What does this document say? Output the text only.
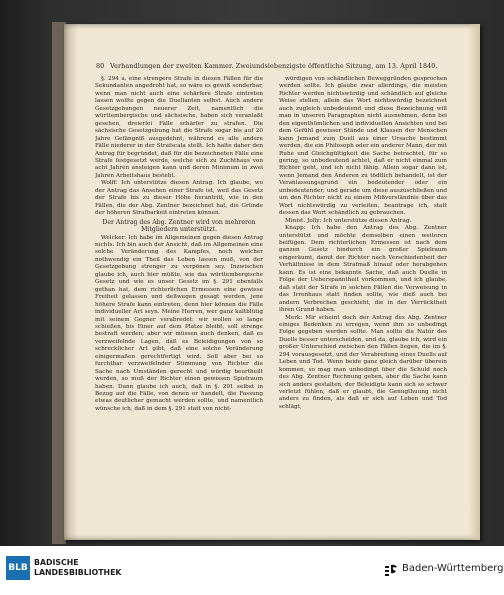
80 Verhandlungen der zweiten Kammer. Zweiundsiebenzigste öffentliche Sitzung, am 13. April 1840.

§. 294 a. eine strengere Strafe in diesen Fällen für die Sekundanten angedroht hat, so wäre es gewiß sonderbar, wenn man nicht auch eine schärfere Strafe eintreten lassen wollte gegen die Duellanten selbst. Auch andere Gesetzgebungen neuerer Zeit, namentlich die württembergische und sächsische, haben sich veranlaßt gesehen, dreierlei Fälle schärfer zu strafen. Die sächsische Gesetzgebung hat die Strafe sogar bis auf 20 Jahre Gefängniß ausgedehnt, während es alle andere Fälle niederer in der Strafscala stellt. Ich halte daher den Antrag für begründet, daß für die bezeichneten Fälle eine Strafe festgesetzt werde, welche sich zu Zuchthaus von acht Jahren ansteigen kann und deren Minimum in zwei Jahren Arbeitshaus besteht.

Wolff: Ich unterstütze diesen Antrag. Ich glaube, wo der Antrag das Ansehen einer Strafe ist, weil das Gesetz der Strafe bis zu dieser Höhe herantritt, wie in den Fällen, die der Abg. Zentner bezeichnet hat, die Gründe der höheren Strafbarkeit eintreten können.

Der Antrag des Abg. Zentner wird von mehreren Mitgliedern unterstützt.

Welcker: Ich habe im Allgemeinen gegen diesen Antrag nichts. Ich bin auch der Ansicht, daß im Allgemeinen eine solche Veränderung des Kampfes, noch welcher nothwendig ein Theil das Leben lassen muß, von der Gesetzgebung strenger zu verpönen sey. Inzwischen glaube ich, auch hier müßte, wie das württembergische Gesetz und wie es unser Gesetz im §. 291 ebenfalls gethan hat, dem richterlichen Ermessen eine gewisse Freiheit gelassen und deßwegen gesagt werden, jene höhere Strafe kann eintreten, denn hier können die Fälle individueller Art seyn. Meine Herren, wer ganz kaltblütig mit seinem Gegner verabredet: wir wollen so lange schießen, bis Einer auf dem Platze bleibt, soll strenge bestraft werden; aber wir müssen auch denken, daß es verzweifelnde Lagen, daß es Beleidigungen von so schrecklicher Art gibt, daß eine solche Veränderung einigermaßen gerechtfertigt wird. Soll aber bei so furchtbar verzweifelnder Stimmung von Richter die Sache nach Umständen gerecht und würdig beurtheilt werden, so muß der Richter einen gewissen Spielraum haben. Dann glaube ich auch, daß in §. 291 selbst in Bezug auf die Fälle, von denen er handelt, die Fassung etwas deutlicher gemacht werden sollte, und namentlich wünsche ich, daß in dem §. 291 statt von nicht-

würdigen von schändlichen Beweggründen gesprochen werden sollte. Ich glaube zwar allerdings, die meisten Richter werden nichtswürdig und schändlich auf gleiche Weise stellen, allein das Wort nichtswürdig bezeichnet auch zugleich unbedeutend und diese Bezeichnung will man in unseren Paragraphen nicht ausnehmen, denn bei den eigenthümlichen und individuellen Ansichten und bei dem Gefühl gewisser Stände und Klassen der Menschen kann Jemand zum Duell aus einer Ursache bestimmt werden, die ein Philosoph oder ein anderer Mann, der mit Ruhe und Gleichgültigkeit die Sache betrachtet, für so gering, so unbedeutend achtet, daß er nicht einmal zum Richter geht, und ich nicht fähig. Allein sogar dann ist, wenn Jemand den Anderen zu tödtlich behandelt, ist der Veranlassungsgrund ein bedeutender oder ein unbedeutender; und gerade um diese auszuschließen und um den Richter nicht zu einem Mißverständnis über das Wort nichtswürdig zu verleiten, beantrage ich, statt dessen das Wort schändlich zu gebrauchen.

Minist. Jolly: Ich unterstütze diesen Antrag.

Knapp: Ich habe den Antrag des Abg. Zentner unterstützt und möchte demselben einen weiteren beifügen. Dem richterlichen Ermessen ist nach dem ganzen Gesetz hindurch ein großer Spielraum eingeräumt, damit der Richter nach Verschiedenheit der Verhältnisse in dem Strafmaß hinauf oder herabgehen kann. Es ist eine bekannte Sache, daß auch Duelle in Folge der Ueberspanntheit vorkommen, und ich glaube, daß statt der Strafe in solchen Fällen die Verweisung in das Irrenhaus statt finden sollte, wie dieß auch bei andern Verbrechen geschieht, die in der Verrücktheit ihren Grund haben.

Merk: Mir scheint doch der Antrag des Abg. Zentner einiges Bedenken zu erregen, wenn ihm so unbedingt Folge gegeben werden sollte. Man sollte die Natur des Duells besser unterscheiden, und da, glaube ich, wird ein großer Unterschied zwischen den Fällen liegen, die im §. 294 vorausgesetzt, und der Verabredung eines Duells auf Leben und Tod. Wenn beide ganz gleich darüber überein kommen, so mag man unbedingt über die Schuld noch des Abg. Zentner Rechnung geben, aber die Sache kann sich anders gestalten, der Beleidigte kann sich so schwer verletzt fühlen, daß er glaubt, die Genugthuung nicht anders zu finden, als daß er sich auf Leben und Tod schlägt,

BLB
BADISCHE
LANDESBIBLIOTHEK	Baden-Württemberg
